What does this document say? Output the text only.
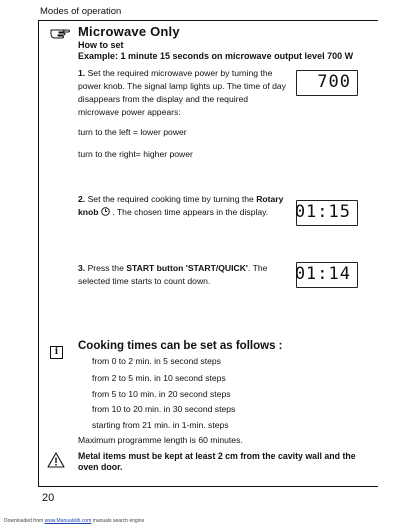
Modes of operation
Microwave Only
How to set
Example: 1 minute 15 seconds on microwave output level 700 W
1. Set the required microwave power by turning the power knob. The signal lamp lights up. The time of day disappears from the display and the required microwave power appears:
turn to the left = lower power
turn to the right= higher power
700
2. Set the required cooking time by turning the Rotary knob . The chosen time appears in the display.	01:15
3. Press the START button 'START/QUICK'. The selected time starts to count down.	01:14
i	Cooking times can be set as follows :
from 0 to 2 min. in 5 second steps
from 2 to 5 min. in 10 second steps
from 5 to 10 min. in 20 second steps
from 10 to 20 min. in 30 second steps
starting from 21 min. in 1-min. steps
Maximum programme length is 60 minutes.
Metal items must be kept at least 2 cm from the cavity wall and the oven door.
20
Downloaded from www.Manualslib.com manuals search engine
